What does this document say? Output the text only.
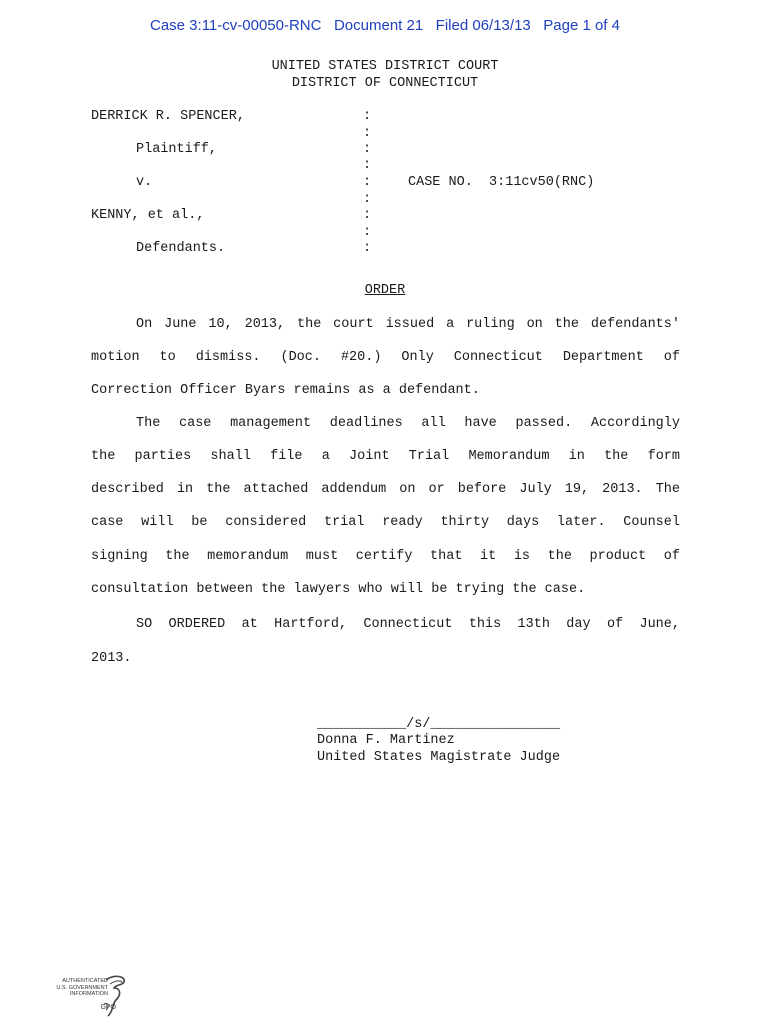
Case 3:11-cv-00050-RNC   Document 21   Filed 06/13/13   Page 1 of 4
UNITED STATES DISTRICT COURT
DISTRICT OF CONNECTICUT
DERRICK R. SPENCER,
Plaintiff,
v.
KENNY, et al.,
Defendants.
:
:
:
:
:
:
:
:
:
CASE NO.  3:11cv50(RNC)
ORDER
On June 10, 2013, the court issued a ruling on the defendants'
motion to dismiss. (Doc. #20.) Only Connecticut Department of
Correction Officer Byars remains as a defendant.
The case management deadlines all have passed. Accordingly
the parties shall file a Joint Trial Memorandum in the form
described in the attached addendum on or before July 19, 2013. The
case will be considered trial ready thirty days later. Counsel
signing the memorandum must certify that it is the product of
consultation between the lawyers who will be trying the case.
SO ORDERED at Hartford, Connecticut this 13th day of June,
2013.
___________/s/________________
Donna F. Martinez
United States Magistrate Judge
AUTHENTICATED
U.S. GOVERNMENT
INFORMATION
GPO
